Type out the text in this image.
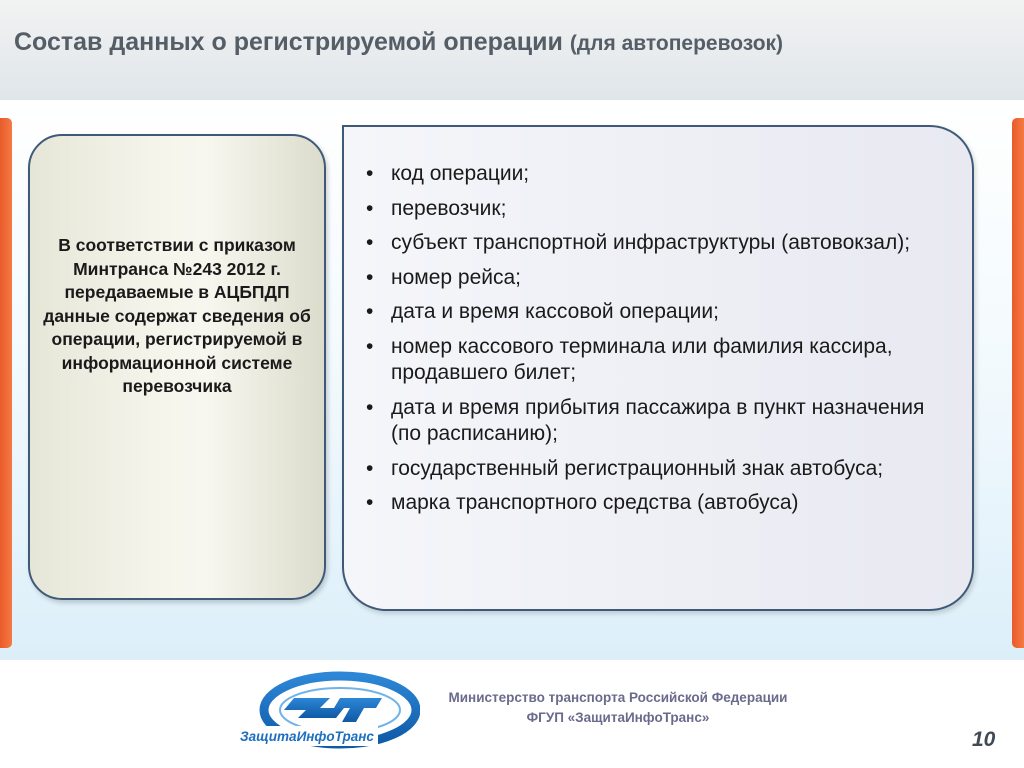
Состав данных о регистрируемой операции (для автоперевозок)
В соответствии с приказом Минтранса №243 2012 г. передаваемые в АЦБПДП данные содержат сведения об операции, регистрируемой в информационной системе перевозчика
• код операции;
• перевозчик;
• субъект транспортной инфраструктуры (автовокзал);
• номер рейса;
• дата и время кассовой операции;
• номер кассового терминала или фамилия кассира, продавшего билет;
• дата и время прибытия пассажира в пункт назначения (по расписанию);
• государственный регистрационный знак автобуса;
• марка транспортного средства (автобуса)
ЗащитаИнфоТранс
Министерство транспорта Российской Федерации
ФГУП «ЗащитаИнфоТранс»
10
